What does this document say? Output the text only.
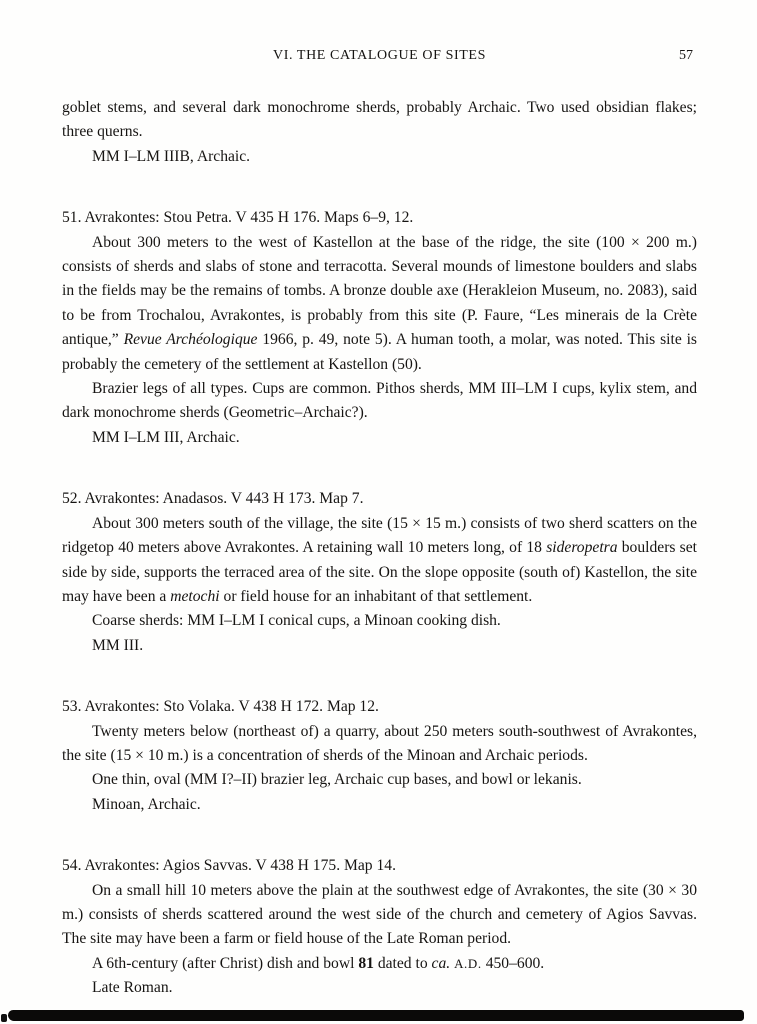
VI. THE CATALOGUE OF SITES	57

goblet stems, and several dark monochrome sherds, probably Archaic. Two used obsidian flakes; three querns.

MM I–LM IIIB, Archaic.

51. Avrakontes: Stou Petra. V 435 H 176. Maps 6–9, 12.

About 300 meters to the west of Kastellon at the base of the ridge, the site (100 × 200 m.) consists of sherds and slabs of stone and terracotta. Several mounds of limestone boulders and slabs in the fields may be the remains of tombs. A bronze double axe (Herakleion Museum, no. 2083), said to be from Trochalou, Avrakontes, is probably from this site (P. Faure, “Les minerais de la Crète antique,” Revue Archéologique 1966, p. 49, note 5). A human tooth, a molar, was noted. This site is probably the cemetery of the settlement at Kastellon (50).

Brazier legs of all types. Cups are common. Pithos sherds, MM III–LM I cups, kylix stem, and dark monochrome sherds (Geometric–Archaic?).

MM I–LM III, Archaic.

52. Avrakontes: Anadasos. V 443 H 173. Map 7.

About 300 meters south of the village, the site (15 × 15 m.) consists of two sherd scatters on the ridgetop 40 meters above Avrakontes. A retaining wall 10 meters long, of 18 sideropetra boulders set side by side, supports the terraced area of the site. On the slope opposite (south of) Kastellon, the site may have been a metochi or field house for an inhabitant of that settlement.

Coarse sherds: MM I–LM I conical cups, a Minoan cooking dish.

MM III.

53. Avrakontes: Sto Volaka. V 438 H 172. Map 12.

Twenty meters below (northeast of) a quarry, about 250 meters south-southwest of Avrakontes, the site (15 × 10 m.) is a concentration of sherds of the Minoan and Archaic periods.

One thin, oval (MM I?–II) brazier leg, Archaic cup bases, and bowl or lekanis.

Minoan, Archaic.

54. Avrakontes: Agios Savvas. V 438 H 175. Map 14.

On a small hill 10 meters above the plain at the southwest edge of Avrakontes, the site (30 × 30 m.) consists of sherds scattered around the west side of the church and cemetery of Agios Savvas. The site may have been a farm or field house of the Late Roman period.

A 6th-century (after Christ) dish and bowl 81 dated to ca. A.D. 450–600.

Late Roman.
